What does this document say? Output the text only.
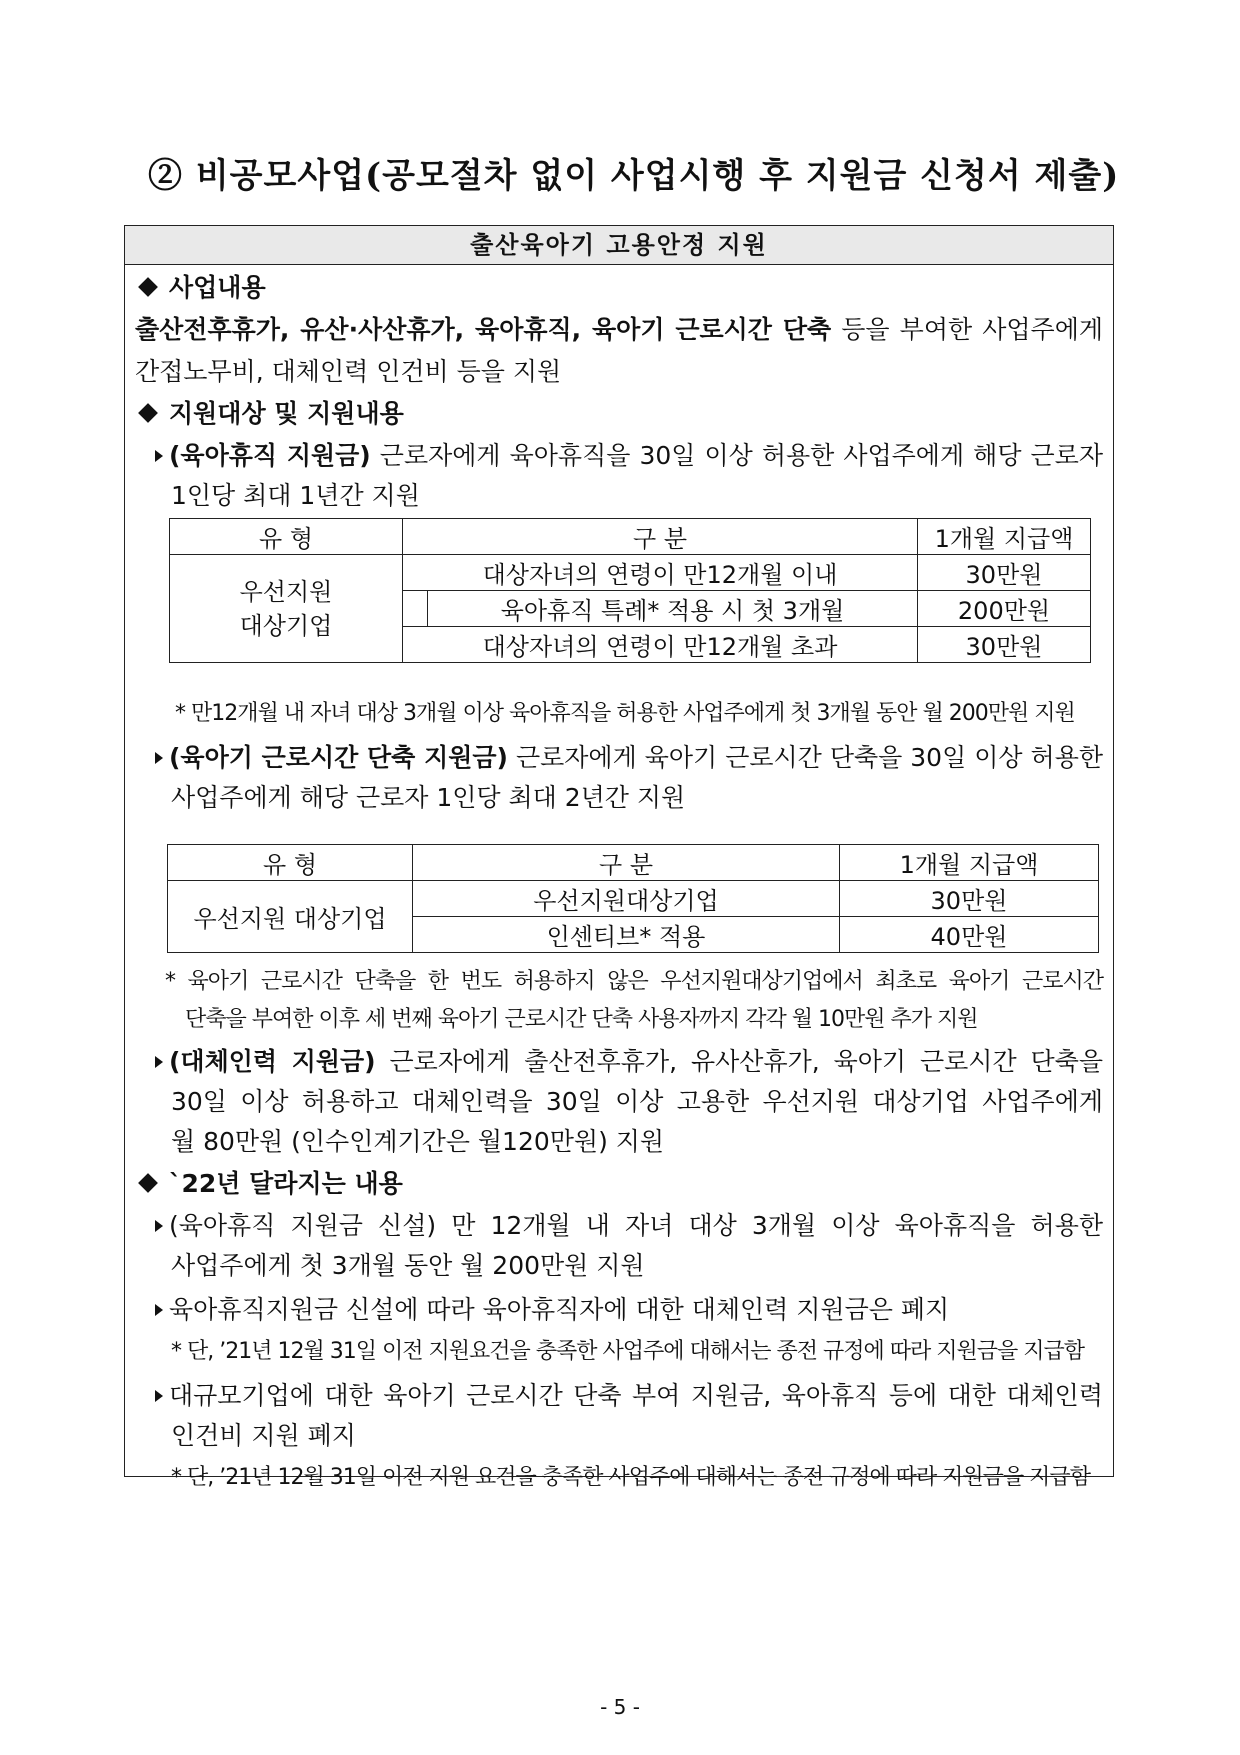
② 비공모사업(공모절차 없이 사업시행 후 지원금 신청서 제출)
출산육아기 고용안정 지원
사업내용
출산전후휴가, 유산·사산휴가, 육아휴직, 육아기 근로시간 단축 등을 부여한 사업주에게
간접노무비, 대체인력 인건비 등을 지원
지원대상 및 지원내용
(육아휴직 지원금) 근로자에게 육아휴직을 30일 이상 허용한 사업주에게 해당 근로자
1인당 최대 1년간 지원
유 형	구 분		1개월 지급액
우선지원
대상기업	대상자녀의 연령이 만12개월 이내		30만원
		육아휴직 특례* 적용 시 첫 3개월	200만원
	대상자녀의 연령이 만12개월 초과		30만원
* 만12개월 내 자녀 대상 3개월 이상 육아휴직을 허용한 사업주에게 첫 3개월 동안 월 200만원 지원
(육아기 근로시간 단축 지원금) 근로자에게 육아기 근로시간 단축을 30일 이상 허용한
사업주에게 해당 근로자 1인당 최대 2년간 지원
유 형	구 분	1개월 지급액
우선지원 대상기업	우선지원대상기업	30만원
	인센티브* 적용	40만원
* 육아기 근로시간 단축을 한 번도 허용하지 않은 우선지원대상기업에서 최초로 육아기 근로시간
단축을 부여한 이후 세 번째 육아기 근로시간 단축 사용자까지 각각 월 10만원 추가 지원
(대체인력 지원금) 근로자에게 출산전후휴가, 유사산휴가, 육아기 근로시간 단축을
30일 이상 허용하고 대체인력을 30일 이상 고용한 우선지원 대상기업 사업주에게
월 80만원 (인수인계기간은 월120만원) 지원
`22년 달라지는 내용
(육아휴직 지원금 신설) 만 12개월 내 자녀 대상 3개월 이상 육아휴직을 허용한
사업주에게 첫 3개월 동안 월 200만원 지원
육아휴직지원금 신설에 따라 육아휴직자에 대한 대체인력 지원금은 폐지
* 단, ’21년 12월 31일 이전 지원요건을 충족한 사업주에 대해서는 종전 규정에 따라 지원금을 지급함
대규모기업에 대한 육아기 근로시간 단축 부여 지원금, 육아휴직 등에 대한 대체인력
인건비 지원 폐지
* 단, ’21년 12월 31일 이전 지원 요건을 충족한 사업주에 대해서는 종전 규정에 따라 지원금을 지급함
- 5 -
